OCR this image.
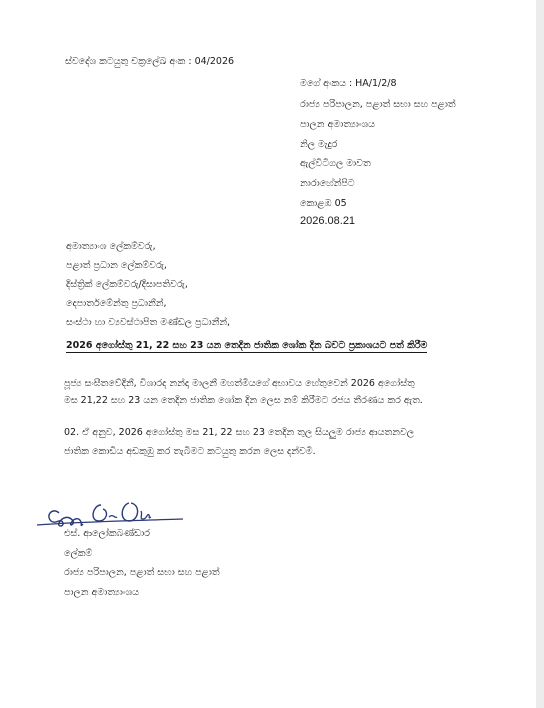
ස්වදේශ කටයුතු චක්‍රලේඛ අංක : 04/2026
මගේ අංකය : HA/1/2/8
රාජ්‍ය පරිපාලන, පළාත් සභා සහ පළාත්
පාලන අමාත්‍යාංශය
නිල මැදුර
ඇල්විටිගල මාවත
නාරාහේන්පිට
කොළඹ 05
2026.08.21
අමාත්‍යාංශ ලේකම්වරු,
පළාත් ප්‍රධාන ලේකම්වරු,
දිස්ත්‍රික් ලේකම්වරු/දිසාපතිවරු,
දෙපාර්තමේන්තු ප්‍රධානීන්,
සංස්ථා හා ව්‍යවස්ථාපිත මණ්ඩල ප්‍රධානීන්,
2026 අගෝස්තු 21, 22 සහ 23 යන තෙදින ජාතික ශෝක දින බවට ප්‍රකාශයට පත් කිරීම
පූජ්‍ය සංඝීතවේදිනී, විශාරද නන්දා මාලනී මහත්මියගේ අභාවය හේතුවෙන් 2026 අගෝස්තු
මස 21,22 සහ 23 යන තෙදින ජාතික ශෝක දින ලෙස නම් කිරීමට රජය තීරණය කර ඇත.
02. ඒ අනුව, 2026 අගෝස්තු මස 21, 22 සහ 23 තෙදින තුල සියලුම රාජ්‍ය ආයතනවල
ජාතික කොඩිය අඩකුඹු කර තැබීමට කටයුතු කරන ලෙස දන්වමි.
එස්. ආලෝකබණ්ඩාර
ලේකම්
රාජ්‍ය පරිපාලන, පළාත් සභා සහ පළාත්
පාලන අමාත්‍යාංශය
